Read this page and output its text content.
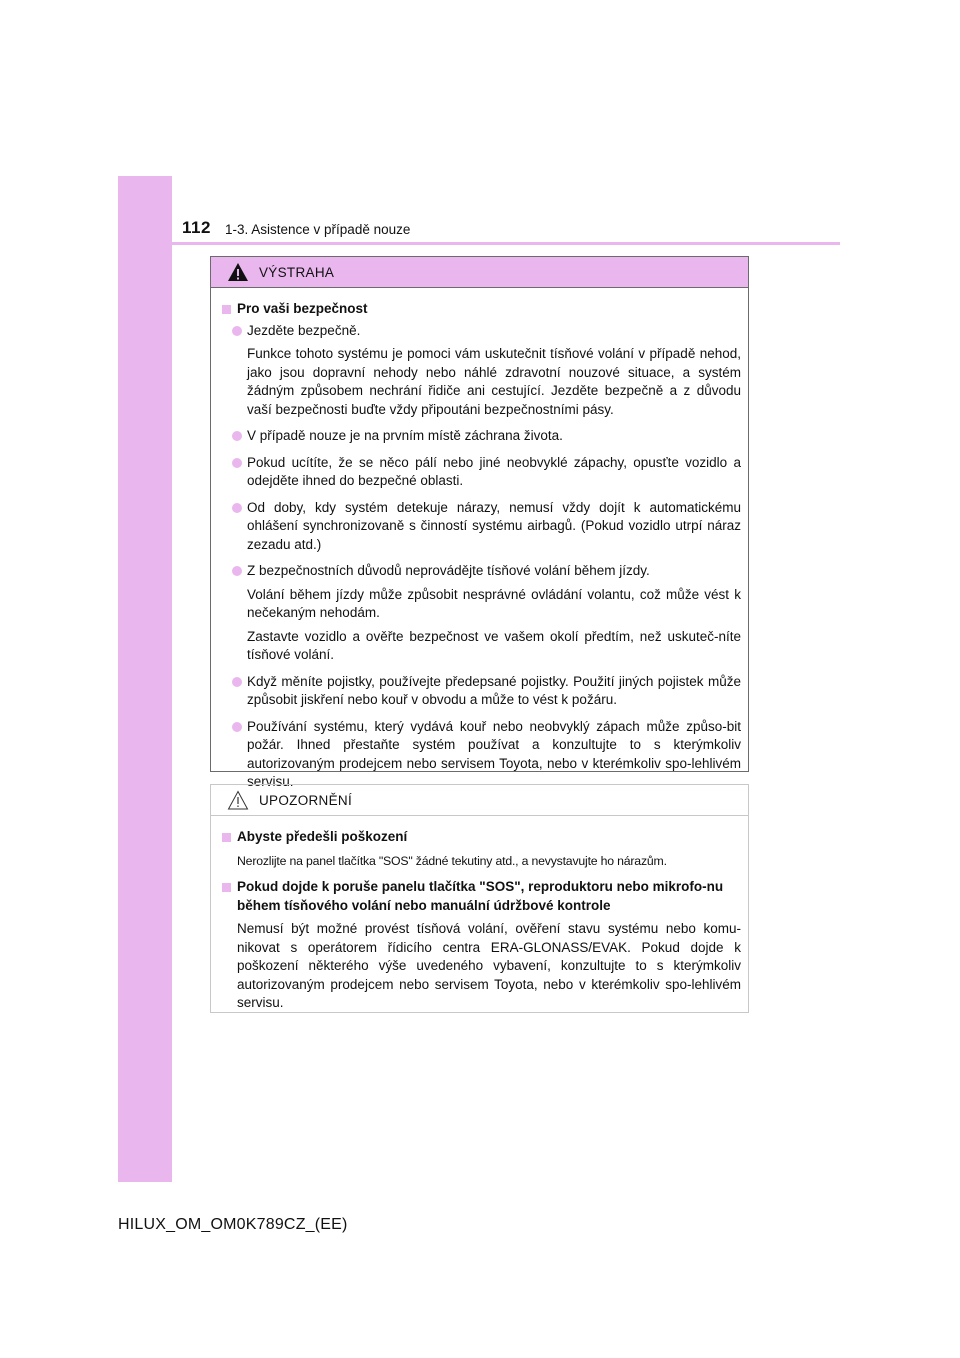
112 1-3. Asistence v případě nouze
VÝSTRAHA
Pro vaši bezpečnost
Jezděte bezpečně.
Funkce tohoto systému je pomoci vám uskutečnit tísňové volání v případě nehod, jako jsou dopravní nehody nebo náhlé zdravotní nouzové situace, a systém žádným způsobem nechrání řidiče ani cestující. Jezděte bezpečně a z důvodu vaší bezpečnosti buďte vždy připoutáni bezpečnostními pásy.
V případě nouze je na prvním místě záchrana života.
Pokud ucítíte, že se něco pálí nebo jiné neobvyklé zápachy, opusťte vozidlo a odejděte ihned do bezpečné oblasti.
Od doby, kdy systém detekuje nárazy, nemusí vždy dojít k automatickému ohlášení synchronizovaně s činností systému airbagů. (Pokud vozidlo utrpí náraz zezadu atd.)
Z bezpečnostních důvodů neprovádějte tísňové volání během jízdy.
Volání během jízdy může způsobit nesprávné ovládání volantu, což může vést k nečekaným nehodám.
Zastavte vozidlo a ověřte bezpečnost ve vašem okolí předtím, než uskuteč-níte tísňové volání.
Když měníte pojistky, používejte předepsané pojistky. Použití jiných pojistek může způsobit jiskření nebo kouř v obvodu a může to vést k požáru.
Používání systému, který vydává kouř nebo neobvyklý zápach může způso-bit požár. Ihned přestaňte systém používat a konzultujte to s kterýmkoliv autorizovaným prodejcem nebo servisem Toyota, nebo v kterémkoliv spo-lehlivém servisu.
UPOZORNĚNÍ
Abyste předešli poškození
Nerozlijte na panel tlačítka "SOS" žádné tekutiny atd., a nevystavujte ho nárazům.
Pokud dojde k poruše panelu tlačítka "SOS", reproduktoru nebo mikrofo-nu během tísňového volání nebo manuální údržbové kontrole
Nemusí být možné provést tísňová volání, ověření stavu systému nebo komu-nikovat s operátorem řídicího centra ERA-GLONASS/EVAK. Pokud dojde k poškození některého výše uvedeného vybavení, konzultujte to s kterýmkoliv autorizovaným prodejcem nebo servisem Toyota, nebo v kterémkoliv spo-lehlivém servisu.
HILUX_OM_OM0K789CZ_(EE)
